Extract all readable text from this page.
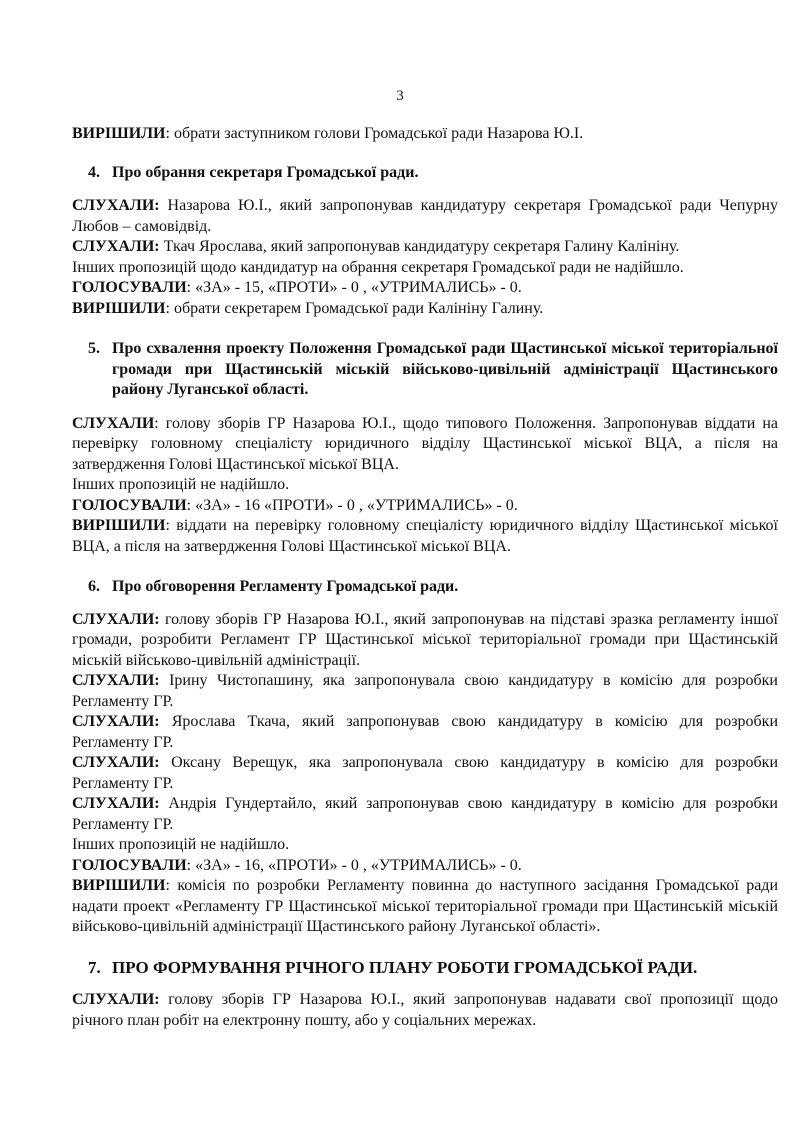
3

ВИРІШИЛИ: обрати заступником голови Громадської ради Назарова Ю.І.

4. Про обрання секретаря Громадської ради.

СЛУХАЛИ: Назарова Ю.І., який запропонував кандидатуру секретаря Громадської ради Чепурну Любов – самовідвід.

СЛУХАЛИ: Ткач Ярослава, який запропонував кандидатуру секретаря Галину Калініну.

Інших пропозицій щодо кандидатур на обрання секретаря Громадської ради не надійшло.

ГОЛОСУВАЛИ: «ЗА» - 15, «ПРОТИ» - 0 , «УТРИМАЛИСЬ» - 0.

ВИРІШИЛИ: обрати секретарем Громадської ради Калініну Галину.

5. Про схвалення проекту Положення Громадської ради Щастинської міської територіальної громади при Щастинській міській військово-цивільній адміністрації Щастинського району Луганської області.

СЛУХАЛИ: голову зборів ГР Назарова Ю.І., щодо типового Положення. Запропонував віддати на перевірку головному спеціалісту юридичного відділу Щастинської міської ВЦА, а після на затвердження Голові Щастинської міської ВЦА.

Інших пропозицій не надійшло.

ГОЛОСУВАЛИ: «ЗА» - 16 «ПРОТИ» - 0 , «УТРИМАЛИСЬ» - 0.

ВИРІШИЛИ: віддати на перевірку головному спеціалісту юридичного відділу Щастинської міської ВЦА, а після на затвердження Голові Щастинської міської ВЦА.

6. Про обговорення Регламенту Громадської ради.

СЛУХАЛИ: голову зборів ГР Назарова Ю.І., який запропонував на підставі зразка регламенту іншої громади, розробити Регламент ГР Щастинської міської територіальної громади при Щастинській міській військово-цивільній адміністрації.

СЛУХАЛИ: Ірину Чистопашину, яка запропонувала свою кандидатуру в комісію для розробки Регламенту ГР.

СЛУХАЛИ: Ярослава Ткача, який запропонував свою кандидатуру в комісію для розробки Регламенту ГР.

СЛУХАЛИ: Оксану Верещук, яка запропонувала свою кандидатуру в комісію для розробки Регламенту ГР.

СЛУХАЛИ: Андрія Гундертайло, який запропонував свою кандидатуру в комісію для розробки Регламенту ГР.

Інших пропозицій не надійшло.

ГОЛОСУВАЛИ: «ЗА» - 16, «ПРОТИ» - 0 , «УТРИМАЛИСЬ» - 0.

ВИРІШИЛИ: комісія по розробки Регламенту повинна до наступного засідання Громадської ради надати проект «Регламенту ГР Щастинської міської територіальної громади при Щастинській міській військово-цивільній адміністрації Щастинського району Луганської області».

7. ПРО ФОРМУВАННЯ РІЧНОГО ПЛАНУ РОБОТИ ГРОМАДСЬКОЇ РАДИ.

СЛУХАЛИ: голову зборів ГР Назарова Ю.І., який запропонував надавати свої пропозиції щодо річного план робіт на електронну пошту, або у соціальних мережах.
